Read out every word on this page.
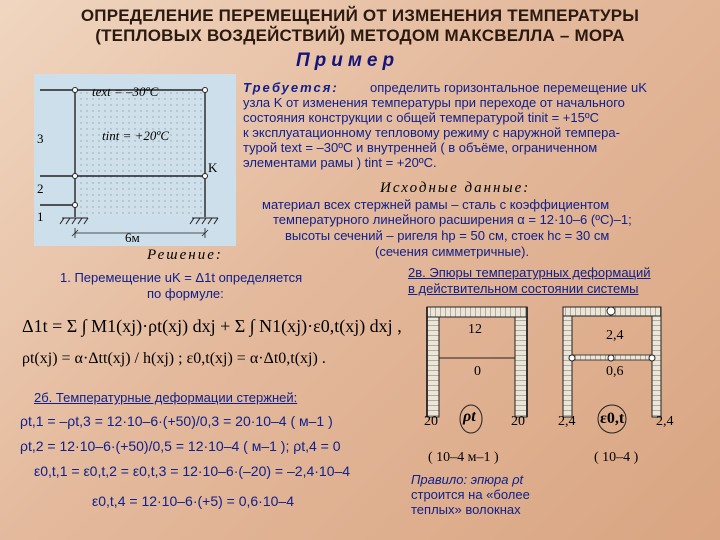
ОПРЕДЕЛЕНИЕ ПЕРЕМЕЩЕНИЙ ОТ ИЗМЕНЕНИЯ ТЕМПЕРАТУРЫ
(ТЕПЛОВЫХ ВОЗДЕЙСТВИЙ) МЕТОДОМ МАКСВЕЛЛА – МОРА
Пример
text = –30ºC
tint = +20ºC
K
3
2
1
6м
Требуется: определить горизонтальное перемещение uK
узла K от изменения температуры при переходе от начального
состояния конструкции с общей температурой tinit = +15ºC
к эксплуатационному тепловому режиму с наружной темпера-
турой text = –30ºC и внутренней ( в объёме, ограниченном
элементами рамы ) tint = +20ºC.
Исходные данные:
материал всех стержней рамы – сталь с коэффициентом
температурного линейного расширения α = 12·10–6 (ºC)–1;
высоты сечений – ригеля hр = 50 см, стоек hс = 30 см
(сечения симметричные).
Решение:
1. Перемещение uK = Δ1t определяется
по формуле:
Δ1t = Σ ∫ M1(xj)·ρt(xj) dxj + Σ ∫ N1(xj)·ε0,t(xj) dxj ,
ρt(xj) = α·Δtt(xj) / h(xj) ; ε0,t(xj) = α·Δt0,t(xj) .
2б. Температурные деформации стержней:
ρt,1 = –ρt,3 = 12·10–6·(+50)/0,3 = 20·10–4 ( м–1 )
ρt,2 = 12·10–6·(+50)/0,5 = 12·10–4 ( м–1 ); ρt,4 = 0
ε0,t,1 = ε0,t,2 = ε0,t,3 = 12·10–6·(–20) = –2,4·10–4
ε0,t,4 = 12·10–6·(+5) = 0,6·10–4
2в. Эпюры температурных деформаций
в действительном состоянии системы
12
0
20	20
ρt
( 10–4 м–1 )
2,4
0,6
2,4	2,4
ε0,t
( 10–4 )
Правило: эпюра ρt
строится на «более
теплых» волокнах
